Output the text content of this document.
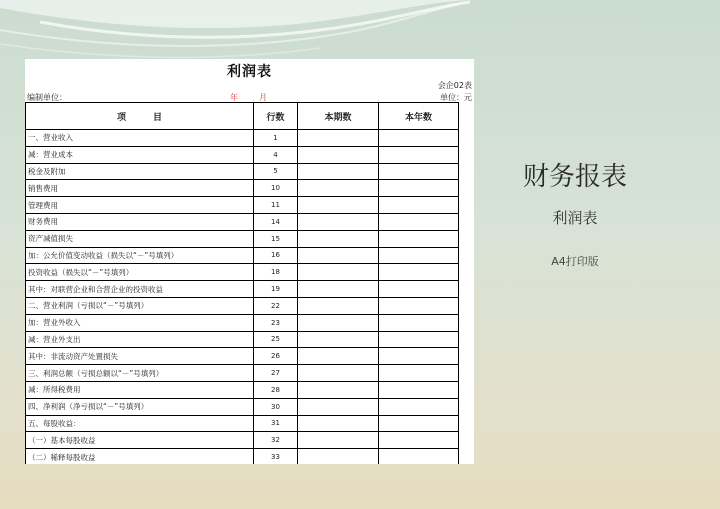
利润表
会企02表
编制单位：	年	月	单位：元
项　　　目	行数	本期数	本年数
一、营业收入	1		
减：营业成本	4		
税金及附加	5		
销售费用	10		
管理费用	11		
财务费用	14		
资产减值损失	15		
加：公允价值变动收益（损失以“－”号填列）	16		
投资收益（损失以“－”号填列）	18		
其中：对联营企业和合营企业的投资收益	19		
二、营业利润（亏损以“－”号填列）	22		
加：营业外收入	23		
减：营业外支出	25		
其中：非流动资产处置损失	26		
三、利润总额（亏损总额以“－”号填列）	27		
减：所得税费用	28		
四、净利润（净亏损以“－”号填列）	30		
五、每股收益：	31		
（一）基本每股收益	32		
（二）稀释每股收益	33		
财务报表
利润表
A4打印版
